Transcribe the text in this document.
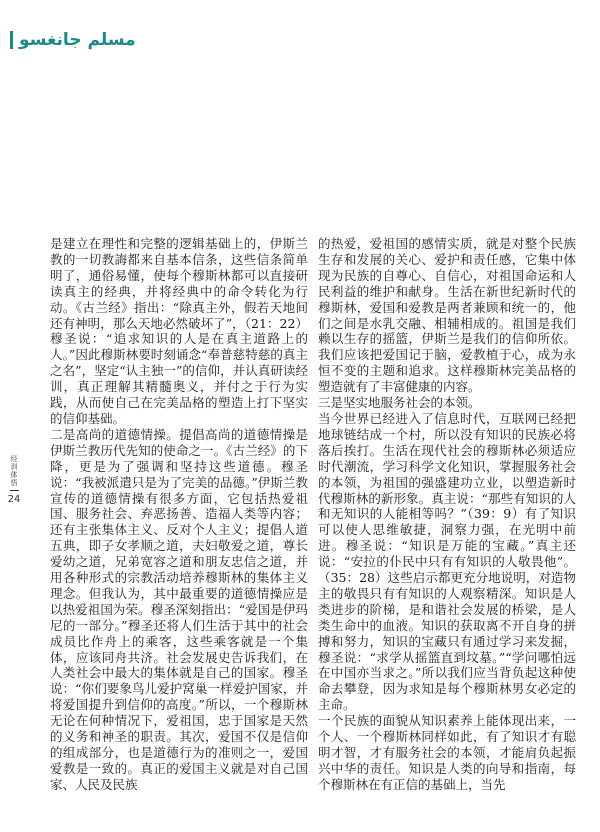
مسلم جانغسو
经训体悟
24

是建立在理性和完整的逻辑基础上的，伊斯兰教的一切教誨都来自基本信条，这些信条简单明了，通俗易懂，使每个穆斯林都可以直接研读真主的经典，并将经典中的命令转化为行动。《古兰经》指出：“除真主外，假若天地间还有神明，那么天地必然破坏了”，（21：22）穆圣说：“追求知识的人是在真主道路上的人。”因此穆斯林要时刻诵念“奉普慈特慈的真主之名”，坚定“认主独一”的信仰，并认真研读经训，真正理解其精髓奥义，并付之于行为实践，从而使自己在完美品格的塑造上打下坚实的信仰基础。

二是高尚的道德情操。提倡高尚的道德情操是伊斯兰教历代先知的使命之一。《古兰经》的下降，更是为了强调和坚持这些道德。穆圣说：“我被派遣只是为了完美的品德。”伊斯兰教宣传的道德情操有很多方面，它包括热爱祖国、服务社会、弃恶扬善、造福人类等内容；还有主张集体主义、反对个人主义；提倡人道五典，即子女孝顺之道，夫妇敬爱之道，尊长爱幼之道，兄弟宽容之道和朋友忠信之道，并用各种形式的宗教活动培养穆斯林的集体主义理念。但我认为，其中最重要的道德情操应是以热爱祖国为荣。穆圣深刻指出：“爱国是伊玛尼的一部分。”穆圣还将人们生活于其中的社会成员比作舟上的乘客，这些乘客就是一个集体，应该同舟共济。社会发展史告诉我们，在人类社会中最大的集体就是自己的国家。穆圣说：“你们要象鸟儿爱护窝巢一样爱护国家，并将爱国提升到信仰的高度。”所以，一个穆斯林无论在何种情况下，爱祖国，忠于国家是天然的义务和神圣的职责。其次，爱国不仅是信仰的组成部分，也是道德行为的准则之一，爱国爱教是一致的。真正的爱国主义就是对自己国家、人民及民族

的热爱，爱祖国的感情实质，就是对整个民族生存和发展的关心、爱护和责任感，它集中体现为民族的自尊心、自信心，对祖国命运和人民利益的维护和献身。生活在新世纪新时代的穆斯林，爱国和爱教是两者兼顾和统一的，他们之间是水乳交融、相辅相成的。祖国是我们赖以生存的摇篮，伊斯兰是我们的信仰所依。我们应该把爱国记于脑，爱教植于心，成为永恒不变的主题和追求。这样穆斯林完美品格的塑造就有了丰富健康的内容。

三是坚实地服务社会的本领。

当今世界已经进入了信息时代，互联网已经把地球链结成一个村，所以没有知识的民族必将落后挨打。生活在现代社会的穆斯林必须适应时代潮流，学习科学文化知识，掌握服务社会的本领，为祖国的强盛建功立业，以塑造新时代穆斯林的新形象。真主说：“那些有知识的人和无知识的人能相等吗？”（39：9）有了知识可以使人思维敏捷，洞察力强，在光明中前进。穆圣说：“知识是万能的宝藏。”真主还说：“安拉的仆民中只有有知识的人敬畏他”。（35：28）这些启示都更充分地说明，对造物主的敬畏只有有知识的人观察精深。知识是人类进步的阶梯，是和谐社会发展的桥梁，是人类生命中的血液。知识的获取离不开自身的拼搏和努力，知识的宝藏只有通过学习来发掘，穆圣说：“求学从摇篮直到坟墓。”“学问哪怕远在中国亦当求之。”所以我们应当背负起这种使命去攀登，因为求知是每个穆斯林男女必定的主命。

一个民族的面貌从知识素养上能体现出来，一个人、一个穆斯林同样如此，有了知识才有聪明才智，才有服务社会的本领，才能肩负起振兴中华的责任。知识是人类的向导和指南，每个穆斯林在有正信的基础上，当先
